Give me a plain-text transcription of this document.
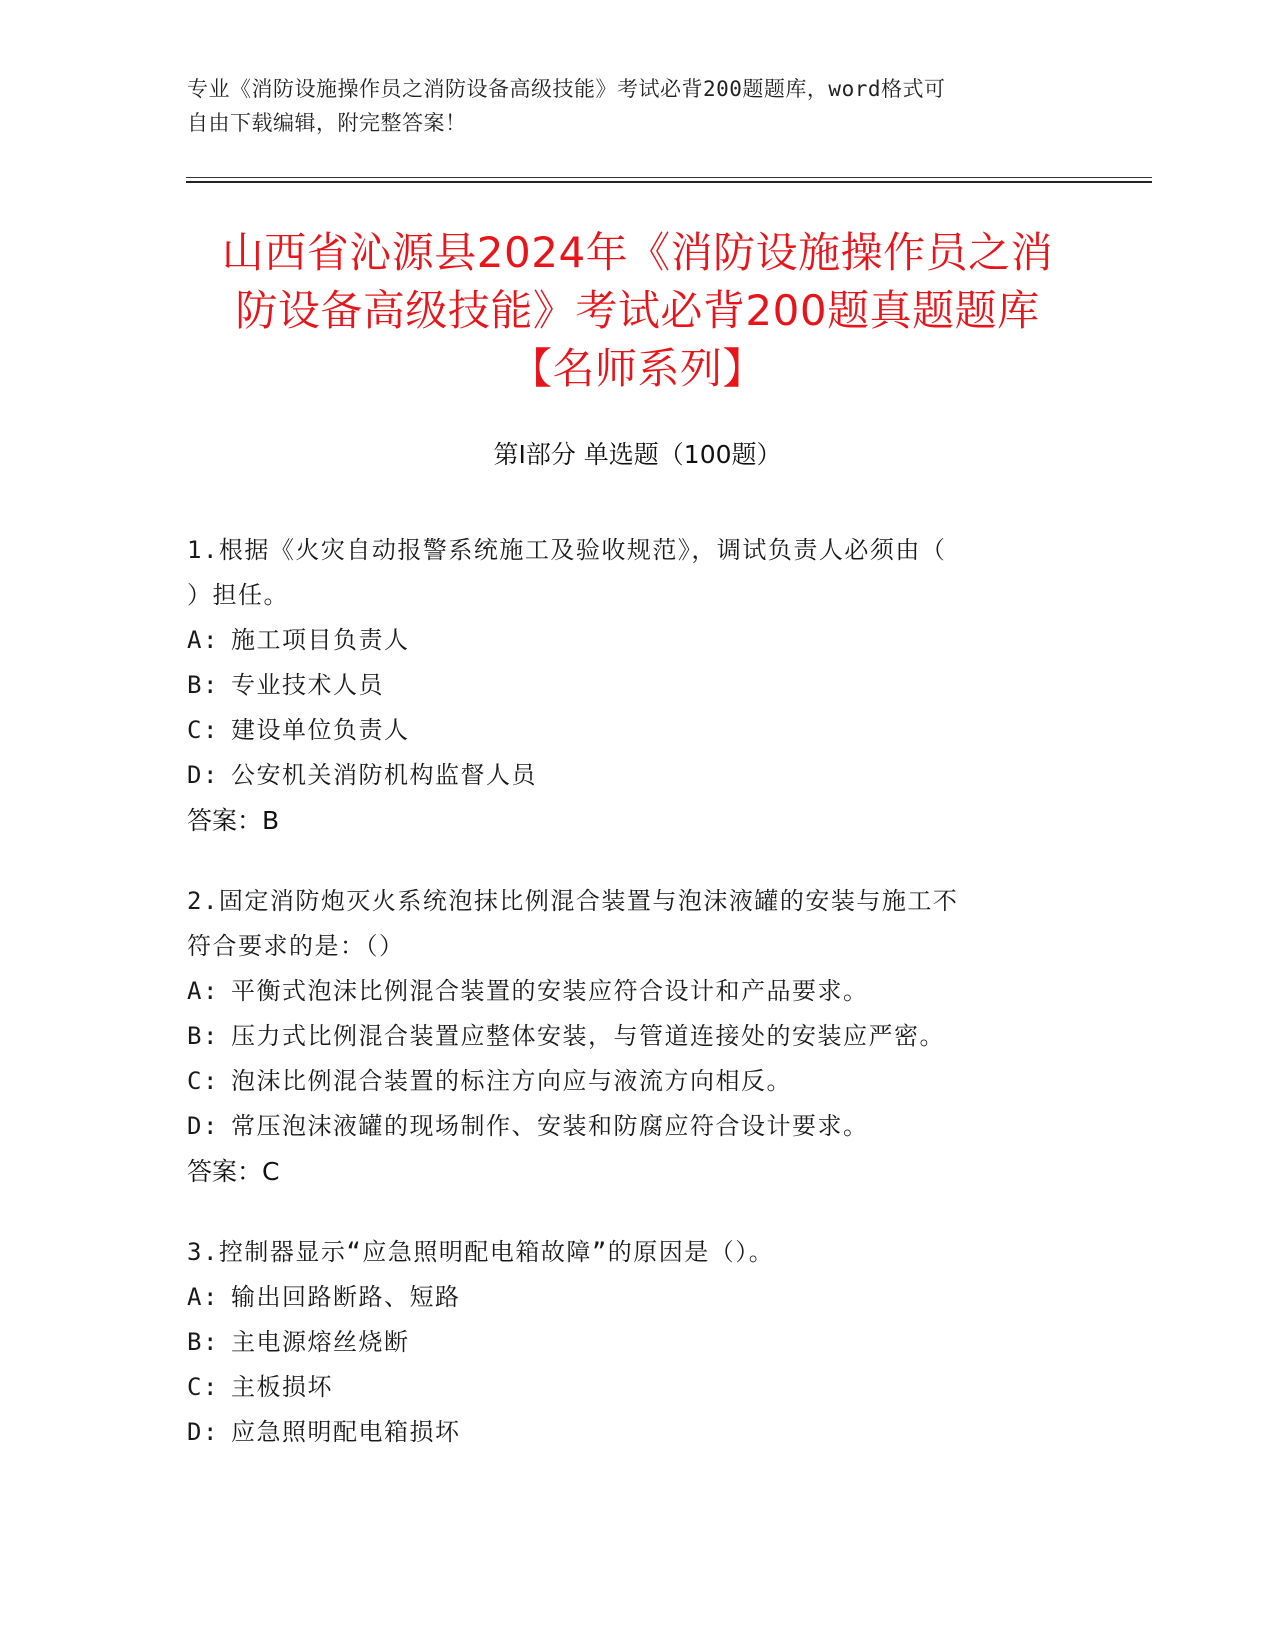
专业《消防设施操作员之消防设备高级技能》考试必背200题题库，word格式可
自由下载编辑，附完整答案！
山西省沁源县2024年《消防设施操作员之消
防设备高级技能》考试必背200题真题题库
【名师系列】
第Ⅰ部分 单选题（100题）

1.根据《火灾自动报警系统施工及验收规范》，调试负责人必须由（

）担任。

A: 施工项目负责人

B: 专业技术人员

C: 建设单位负责人

D: 公安机关消防机构监督人员

答案：B

2.固定消防炮灭火系统泡抹比例混合装置与泡沫液罐的安装与施工不

符合要求的是：（）

A: 平衡式泡沫比例混合装置的安装应符合设计和产品要求。

B: 压力式比例混合装置应整体安装，与管道连接处的安装应严密。

C: 泡沫比例混合装置的标注方向应与液流方向相反。

D: 常压泡沫液罐的现场制作、安装和防腐应符合设计要求。

答案：C

3.控制器显示“应急照明配电箱故障”的原因是（）。

A: 输出回路断路、短路

B: 主电源熔丝烧断

C: 主板损坏

D: 应急照明配电箱损坏
